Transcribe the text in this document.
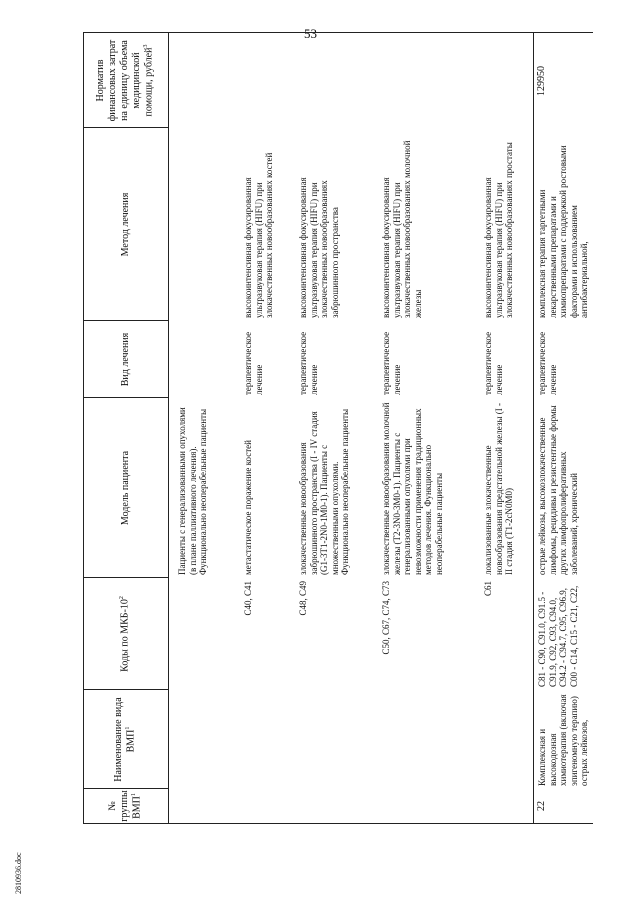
53
№ группы ВМП$^1$
Наименование вида ВМП$^1$
Коды по МКБ-$10^2$
Модель пациента
Вид лечения
Метод лечения
Норматив финансовых затрат на единицу объема медицинской помощи, рублей$^3$
Пациенты с генерализованными опухолями (в плане паллиативного лечения). Функционально неоперабельные пациенты
C40, C41
метастатическое поражение костей
терапевтическое лечение
высокоинтенсивная фокусированная ультразвуковая терапия (HIFU) при злокачественных новообразованиях костей
C48, C49
злокачественные новообразования забрюшинного пространства (I - IV стадия (G1-3T1-2N0-1M0-1). Пациенты с множественными опухолями. Функционально неоперабельные пациенты
терапевтическое лечение
высокоинтенсивная фокусированная ультразвуковая терапия (HIFU) при злокачественных новообразованиях забрюшинного пространства
C50, C67, C74, C73
злокачественные новообразования молочной железы (T2-3N0-3M0-1). Пациенты с генерализованными опухолями при невозможности применения традиционных методов лечения. Функционально неоперабельные пациенты
терапевтическое лечение
высокоинтенсивная фокусированная ультразвуковая терапия (HIFU) при злокачественных новообразованиях молочной железы
C61
локализованные злокачественные новообразования предстательной железы (I - II стадия (T1-2cN0M0)
терапевтическое лечение
высокоинтенсивная фокусированная ультразвуковая терапия (HIFU) при злокачественных новообразованиях простаты
22
Комплексная и высокодозная химиотерапия (включая эпигеномную терапию) острых лейкозов,
C81 - C90, C91.0, C91.5 - C91.9, C92, C93, C94.0, C94.2 - C94.7, C95, C96.9, C00 - C14, C15 - C21, C22,
острые лейкозы, высокозлокачественные лимфомы, рецидивы и резистентные формы других лимфопролиферативных заболеваний, хронический
терапевтическое лечение
комплексная терапия таргетными лекарственными препаратами и химиопрепаратами с поддержкой ростовыми факторами и использованием антибактериальной,
129950
2810936.doc
